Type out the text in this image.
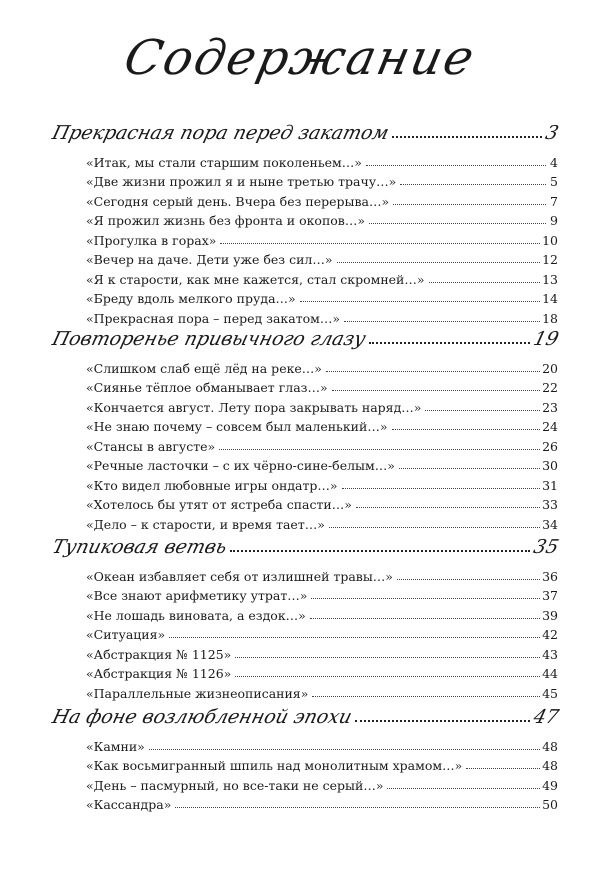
Содержание
Прекрасная пора перед закатом	3
«Итак, мы стали старшим поколеньем…»	4
«Две жизни прожил я и ныне третью трачу…»	5
«Сегодня серый день. Вчера без перерыва…»	7
«Я прожил жизнь без фронта и окопов…»	9
«Прогулка в горах»	10
«Вечер на даче. Дети уже без сил…»	12
«Я к старости, как мне кажется, стал скромней…»	13
«Бреду вдоль мелкого пруда…»	14
«Прекрасная пора – перед закатом…»	18
Повторенье привычного глазу	19
«Слишком слаб ещё лёд на реке…»	20
«Сиянье тёплое обманывает глаз…»	22
«Кончается август. Лету пора закрывать наряд…»	23
«Не знаю почему – совсем был маленький…»	24
«Стансы в августе»	26
«Речные ласточки – с их чёрно-сине-белым…»	30
«Кто видел любовные игры ондатр…»	31
«Хотелось бы утят от ястреба спасти…»	33
«Дело – к старости, и время тает…»	34
Тупиковая ветвь	35
«Океан избавляет себя от излишней травы…»	36
«Все знают арифметику утрат…»	37
«Не лошадь виновата, а ездок…»	39
«Ситуация»	42
«Абстракция № 1125»	43
«Абстракция № 1126»	44
«Параллельные жизнеописания»	45
На фоне возлюбленной эпохи	47
«Камни»	48
«Как восьмигранный шпиль над монолитным храмом…»	48
«День – пасмурный, но все-таки не серый…»	49
«Кассандра»	50
